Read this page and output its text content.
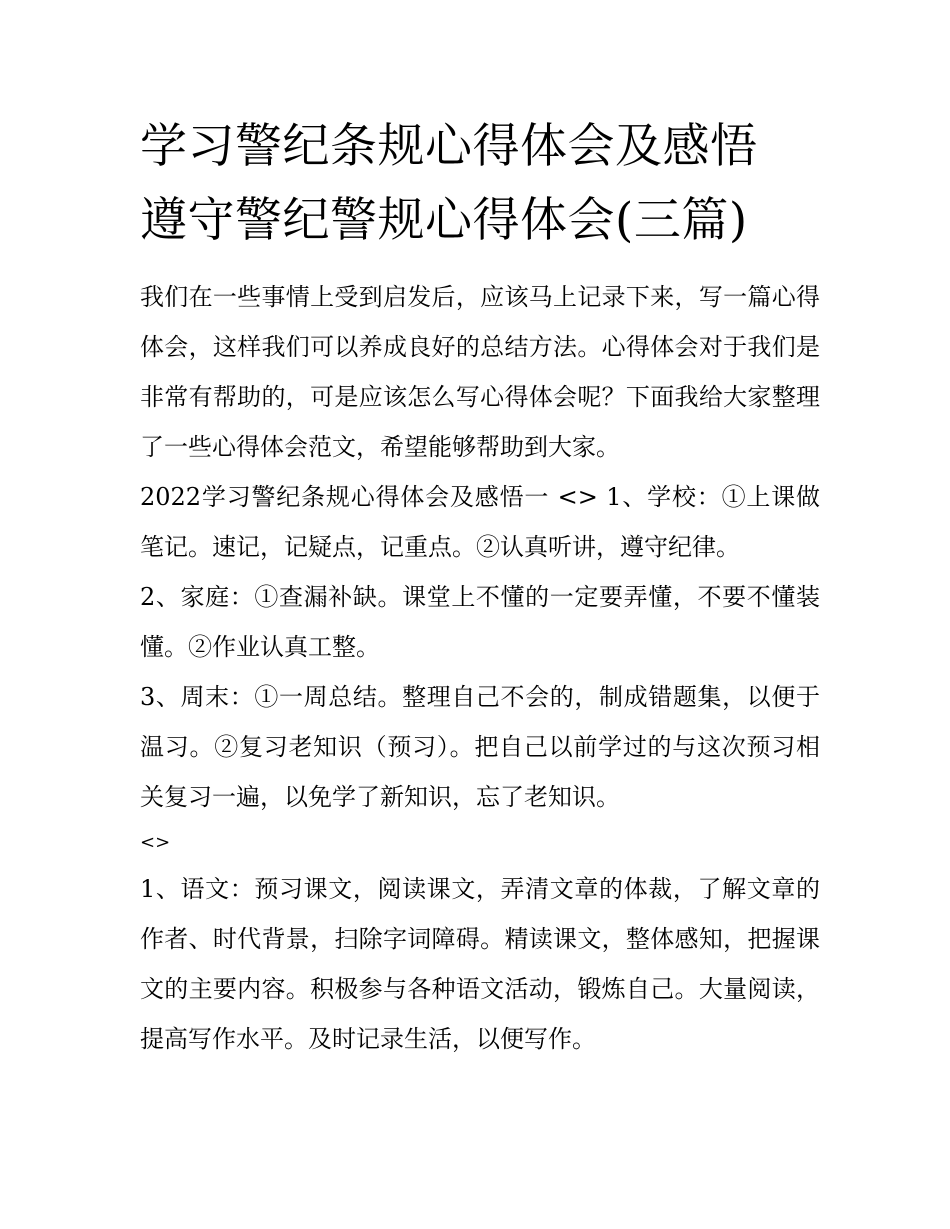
学习警纪条规心得体会及感悟
遵守警纪警规心得体会(三篇)

我们在一些事情上受到启发后，应该马上记录下来，写一篇心得体会，这样我们可以养成良好的总结方法。心得体会对于我们是非常有帮助的，可是应该怎么写心得体会呢？下面我给大家整理了一些心得体会范文，希望能够帮助到大家。

2022学习警纪条规心得体会及感悟一 <> 1、学校：①上课做笔记。速记，记疑点，记重点。②认真听讲，遵守纪律。

2、家庭：①查漏补缺。课堂上不懂的一定要弄懂，不要不懂装懂。②作业认真工整。

3、周末：①一周总结。整理自己不会的，制成错题集，以便于温习。②复习老知识（预习）。把自己以前学过的与这次预习相关复习一遍，以免学了新知识，忘了老知识。

<>

1、语文：预习课文，阅读课文，弄清文章的体裁，了解文章的作者、时代背景，扫除字词障碍。精读课文，整体感知，把握课文的主要内容。积极参与各种语文活动，锻炼自己。大量阅读，提高写作水平。及时记录生活，以便写作。
